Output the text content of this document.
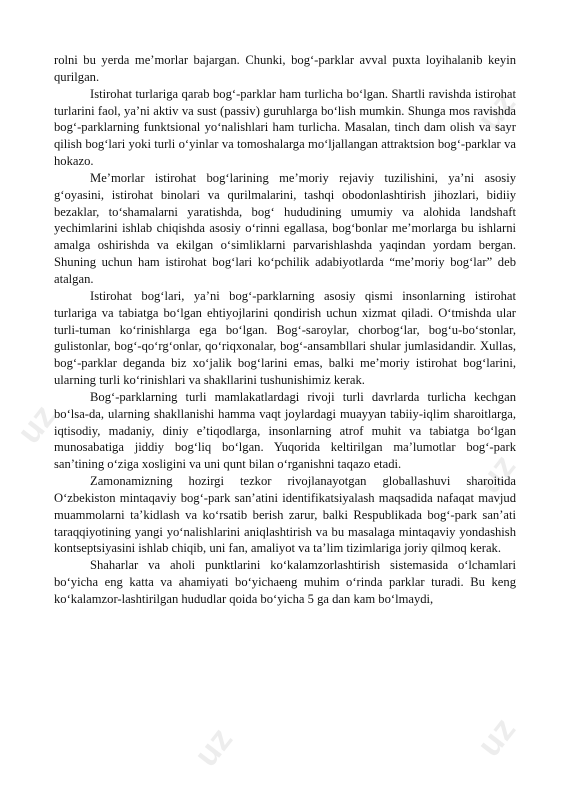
uz
uz
uz
uz	uz

rolni bu yerda me’morlar bajargan. Chunki, bog‘-parklar avval puxta loyihalanib keyin qurilgan.

Istirohat turlariga qarab bog‘-parklar ham turlicha bo‘lgan. Shartli ravishda istirohat turlarini faol, ya’ni aktiv va sust (passiv) guruhlarga bo‘lish mumkin. Shunga mos ravishda bog‘-parklarning funktsional yo‘nalishlari ham turlicha. Masalan, tinch dam olish va sayr qilish bog‘lari yoki turli o‘yinlar va tomoshalarga mo‘ljallangan attraktsion bog‘-parklar va hokazo.

Me’morlar istirohat bog‘larining me’moriy rejaviy tuzilishini, ya’ni asosiy g‘oyasini, istirohat binolari va qurilmalarini, tashqi obodonlashtirish jihozlari, bidiiy bezaklar, to‘shamalarni yaratishda, bog‘ hududining umumiy va alohida landshaft yechimlarini ishlab chiqishda asosiy o‘rinni egallasa, bog‘bonlar me’morlarga bu ishlarni amalga oshirishda va ekilgan o‘simliklarni parvarishlashda yaqindan yordam bergan. Shuning uchun ham istirohat bog‘lari ko‘pchilik adabiyotlarda “me’moriy bog‘lar” deb atalgan.

Istirohat bog‘lari, ya’ni bog‘-parklarning asosiy qismi insonlarning istirohat turlariga va tabiatga bo‘lgan ehtiyojlarini qondirish uchun xizmat qiladi. O‘tmishda ular turli-tuman ko‘rinishlarga ega bo‘lgan. Bog‘-saroylar, chorbog‘lar, bog‘u-bo‘stonlar, gulistonlar, bog‘-qo‘rg‘onlar, qo‘riqxonalar, bog‘-ansambllari shular jumlasidandir. Xullas, bog‘-parklar deganda biz xo‘jalik bog‘larini emas, balki me’moriy istirohat bog‘larini, ularning turli ko‘rinishlari va shakllarini tushunishimiz kerak.

Bog‘-parklarning turli mamlakatlardagi rivoji turli davrlarda turlicha kechgan bo‘lsa-da, ularning shakllanishi hamma vaqt joylardagi muayyan tabiiy-iqlim sharoitlarga, iqtisodiy, madaniy, diniy e’tiqodlarga, insonlarning atrof muhit va tabiatga bo‘lgan munosabatiga jiddiy bog‘liq bo‘lgan. Yuqorida keltirilgan ma’lumotlar bog‘-park san’tining o‘ziga xosligini va uni qunt bilan o‘rganishni taqazo etadi.

Zamonamizning hozirgi tezkor rivojlanayotgan globallashuvi sharoitida O‘zbekiston mintaqaviy bog‘-park san’atini identifikatsiyalash maqsadida nafaqat mavjud muammolarni ta’kidlash va ko‘rsatib berish zarur, balki Respublikada bog‘-park san’ati taraqqiyotining yangi yo‘nalishlarini aniqlashtirish va bu masalaga mintaqaviy yondashish kontseptsiyasini ishlab chiqib, uni fan, amaliyot va ta’lim tizimlariga joriy qilmoq kerak.

Shaharlar va aholi punktlarini ko‘kalamzorlashtirish sistemasida o‘lchamlari bo‘yicha eng katta va ahamiyati bo‘yichaeng muhim o‘rinda parklar turadi. Bu keng ko‘kalamzor-lashtirilgan hududlar qoida bo‘yicha 5 ga dan kam bo‘lmaydi,
